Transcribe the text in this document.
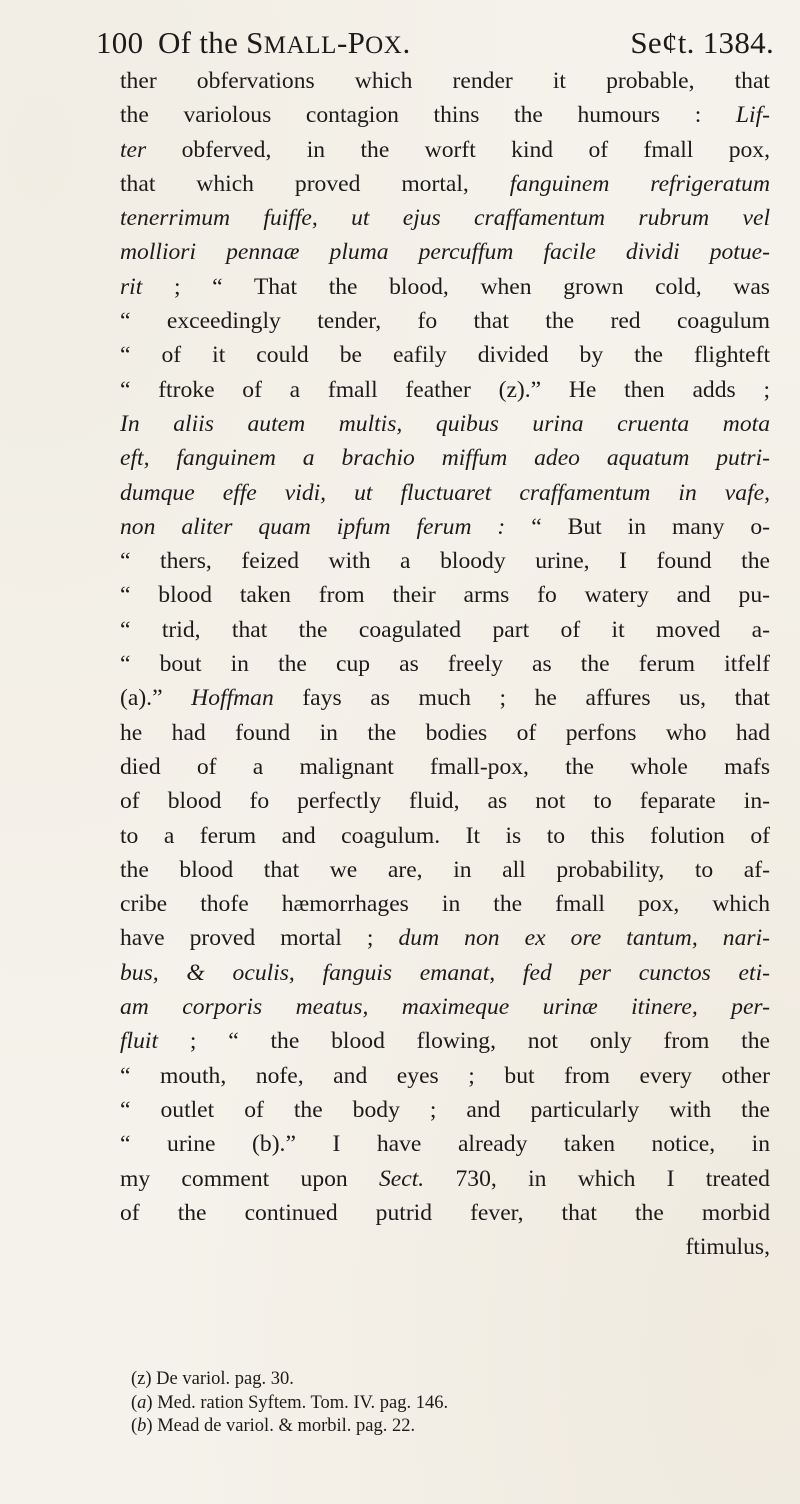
100 Of the SMALL-POX.	Seȼt. 1384.
ther obfervations which render it probable, that
the variolous contagion thins the humours : Lif-
ter obferved, in the worft kind of fmall pox,
that which proved mortal, fanguinem refrigeratum
tenerrimum fuiffe, ut ejus craffamentum rubrum vel
molliori pennaæ pluma percuffum facile dividi potue-
rit ; “ That the blood, when grown cold, was
“ exceedingly tender, fo that the red coagulum
“ of it could be eafily divided by the flighteft
“ ftroke of a fmall feather (z).” He then adds ;
In aliis autem multis, quibus urina cruenta mota
eft, fanguinem a brachio miffum adeo aquatum putri-
dumque effe vidi, ut fluctuaret craffamentum in vafe,
non aliter quam ipfum ferum : “ But in many o-
“ thers, feized with a bloody urine, I found the
“ blood taken from their arms fo watery and pu-
“ trid, that the coagulated part of it moved a-
“ bout in the cup as freely as the ferum itfelf
(a).” Hoffman fays as much ; he affures us, that
he had found in the bodies of perfons who had
died of a malignant fmall-pox, the whole mafs
of blood fo perfectly fluid, as not to feparate in-
to a ferum and coagulum. It is to this folution of
the blood that we are, in all probability, to af-
cribe thofe hæmorrhages in the fmall pox, which
have proved mortal ; dum non ex ore tantum, nari-
bus, & oculis, fanguis emanat, fed per cunctos eti-
am corporis meatus, maximeque urinæ itinere, per-
fluit ; “ the blood flowing, not only from the
“ mouth, nofe, and eyes ; but from every other
“ outlet of the body ; and particularly with the
“ urine (b).” I have already taken notice, in
my comment upon Sect. 730, in which I treated
of the continued putrid fever, that the morbid
ftimulus,
(z) De variol. pag. 30.
(a) Med. ration Syftem. Tom. IV. pag. 146.
(b) Mead de variol. & morbil. pag. 22.
